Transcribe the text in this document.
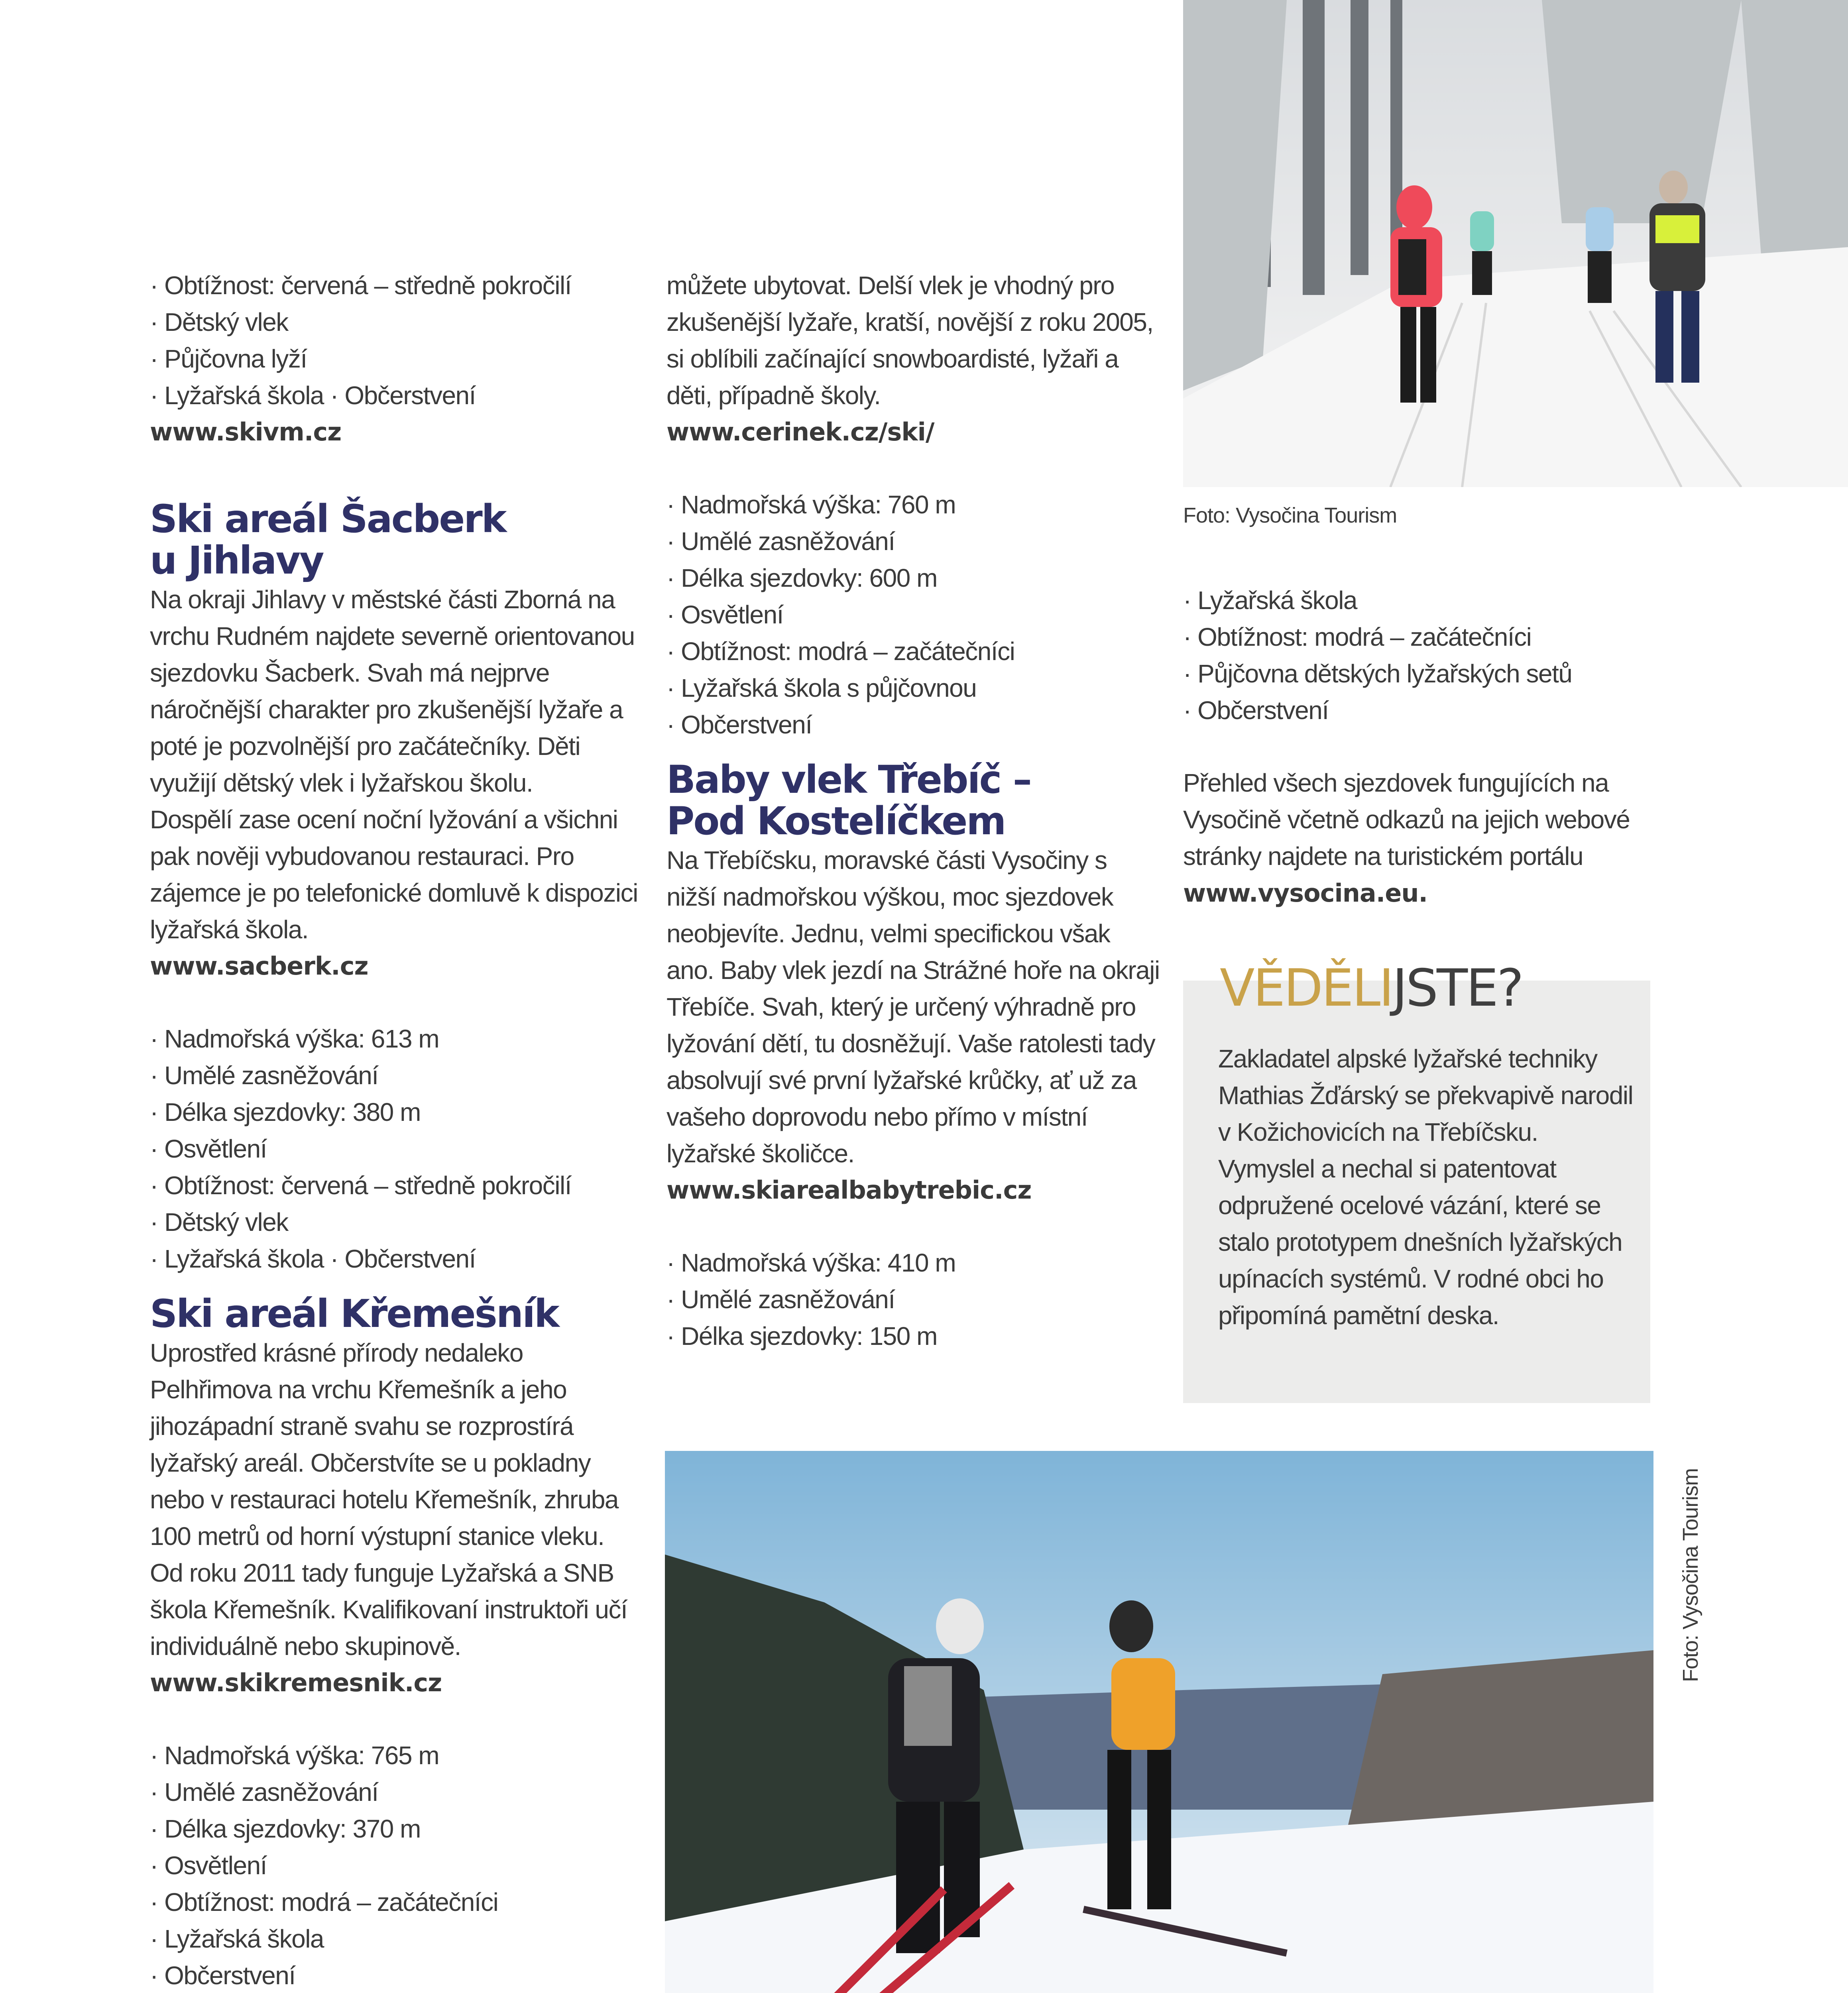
· Obtížnost: červená – středně pokročilí
· Dětský vlek
· Půjčovna lyží
· Lyžařská škola · Občerstvení
www.skivm.cz
Ski areál Šacberk u Jihlavy

Na okraji Jihlavy v městské části Zborná na vrchu Rudném najdete severně orientovanou sjezdovku Šacberk. Svah má nejprve náročnější charakter pro zkušenější lyžaře a poté je pozvolnější pro začátečníky. Děti využijí dětský vlek i lyžařskou školu.

Dospělí zase ocení noční lyžování a všichni pak nověji vybudovanou restauraci. Pro zájemce je po telefonické domluvě k dispozici lyžařská škola.

www.sacberk.cz
· Nadmořská výška: 613 m
· Umělé zasněžování
· Délka sjezdovky: 380 m
· Osvětlení
· Obtížnost: červená – středně pokročilí
· Dětský vlek
· Lyžařská škola · Občerstvení
Ski areál Křemešník

Uprostřed krásné přírody nedaleko Pelhřimova na vrchu Křemešník a jeho jihozápadní straně svahu se rozprostírá lyžařský areál. Občerstvíte se u pokladny nebo v restauraci hotelu Křemešník, zhruba 100 metrů od horní výstupní stanice vleku. Od roku 2011 tady funguje Lyžařská a SNB škola Křemešník. Kvalifikovaní instruktoři učí individuálně nebo skupinově.

www.skikremesnik.cz
· Nadmořská výška: 765 m
· Umělé zasněžování
· Délka sjezdovky: 370 m
· Osvětlení
· Obtížnost: modrá – začátečníci
· Lyžařská škola
· Občerstvení

můžete ubytovat. Delší vlek je vhodný pro zkušenější lyžaře, kratší, novější z roku 2005, si oblíbili začínající snowboardisté, lyžaři a děti, případně školy.

www.cerinek.cz/ski/
· Nadmořská výška: 760 m
· Umělé zasněžování
· Délka sjezdovky: 600 m
· Osvětlení
· Obtížnost: modrá – začátečníci
· Lyžařská škola s půjčovnou
· Občerstvení
Baby vlek Třebíč – Pod Kostelíčkem

Na Třebíčsku, moravské části Vysočiny s nižší nadmořskou výškou, moc sjezdovek neobjevíte. Jednu, velmi specifickou však ano. Baby vlek jezdí na Strážné hoře na okraji Třebíče. Svah, který je určený výhradně pro lyžování dětí, tu dosněžují. Vaše ratolesti tady absolvují své první lyžařské krůčky, ať už za vašeho doprovodu nebo přímo v místní lyžařské školičce.

www.skiarealbabytrebic.cz
· Nadmořská výška: 410 m
· Umělé zasněžování
· Délka sjezdovky: 150 m
Foto: Vysočina Tourism
· Lyžařská škola
· Obtížnost: modrá – začátečníci
· Půjčovna dětských lyžařských setů
· Občerstvení

Přehled všech sjezdovek fungujících na Vysočině včetně odkazů na jejich webové stránky najdete na turistickém portálu www.vysocina.eu.

VĚDĚLIJSTE?

Zakladatel alpské lyžařské techniky Mathias Žďárský se překvapivě narodil v Kožichovicích na Třebíčsku. Vymyslel a nechal si patentovat odpružené ocelové vázání, které se stalo prototypem dnešních lyžařských upínacích systémů. V rodné obci ho připomíná pamětní deska.

Foto: Vysočina Tourism
